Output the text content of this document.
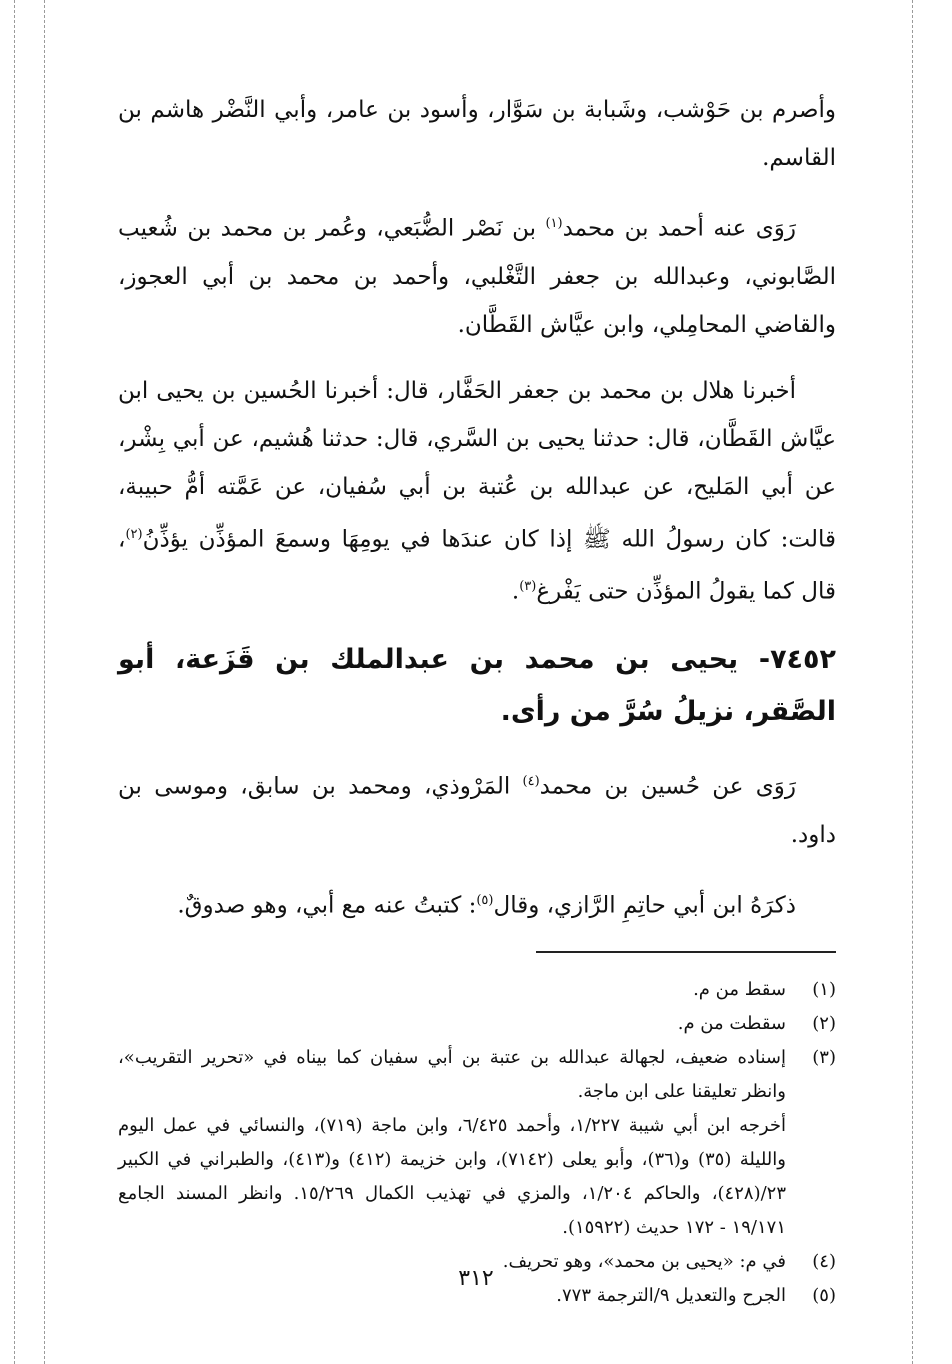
وأصرم بن حَوْشب، وشَبابة بن سَوَّار، وأسود بن عامر، وأبي النَّضْر هاشم بن القاسم.

رَوَى عنه أحمد بن محمد$^{(١)}$ بن نَصْر الضُّبَعي، وعُمر بن محمد بن شُعيب الصَّابوني، وعبدالله بن جعفر التَّغْلبي، وأحمد بن محمد بن أبي العجوز، والقاضي المحامِلي، وابن عيَّاش القَطَّان.

أخبرنا هلال بن محمد بن جعفر الحَفَّار، قال: أخبرنا الحُسين بن يحيى ابن عيَّاش القَطَّان، قال: حدثنا يحيى بن السَّري، قال: حدثنا هُشيم، عن أبي بِشْر، عن أبي المَليح، عن عبدالله بن عُتبة بن أبي سُفيان، عن عَمَّته أمُّ حبيبة، قالت: كان رسولُ الله ﷺ إذا كان عندَها في يومِهَا وسمعَ المؤذِّن يؤذِّنُ$^{(٢)}$، قال كما يقولُ المؤذِّن حتى يَفْرغ$^{(٣)}$.

٧٤٥٢- يحيى بن محمد بن عبدالملك بن قَزَعة، أبو الصَّقر، نزيلُ سُرَّ من رأى.

رَوَى عن حُسين بن محمد$^{(٤)}$ المَرْوذي، ومحمد بن سابق، وموسى بن داود.

ذكرَهُ ابن أبي حاتِمِ الرَّازي، وقال$^{(٥)}$: كتبتُ عنه مع أبي، وهو صدوقٌ.

(١)
سقط من م.
(٢)
سقطت من م.
(٣)
إسناده ضعيف، لجهالة عبدالله بن عتبة بن أبي سفيان كما بيناه في «تحرير التقريب»، وانظر تعليقنا على ابن ماجة.
أخرجه ابن أبي شيبة ١/٢٢٧، وأحمد ٦/٤٢٥، وابن ماجة (٧١٩)، والنسائي في عمل اليوم والليلة (٣٥) و(٣٦)، وأبو يعلى (٧١٤٢)، وابن خزيمة (٤١٢) و(٤١٣)، والطبراني في الكبير ٢٣/(٤٢٨)، والحاكم ١/٢٠٤، والمزي في تهذيب الكمال ١٥/٢٦٩. وانظر المسند الجامع ١٩/١٧١ - ١٧٢ حديث (١٥٩٢٢).
(٤)
في م: «يحيى بن محمد»، وهو تحريف.
(٥)
الجرح والتعديل ٩/الترجمة ٧٧٣.
٣١٢
